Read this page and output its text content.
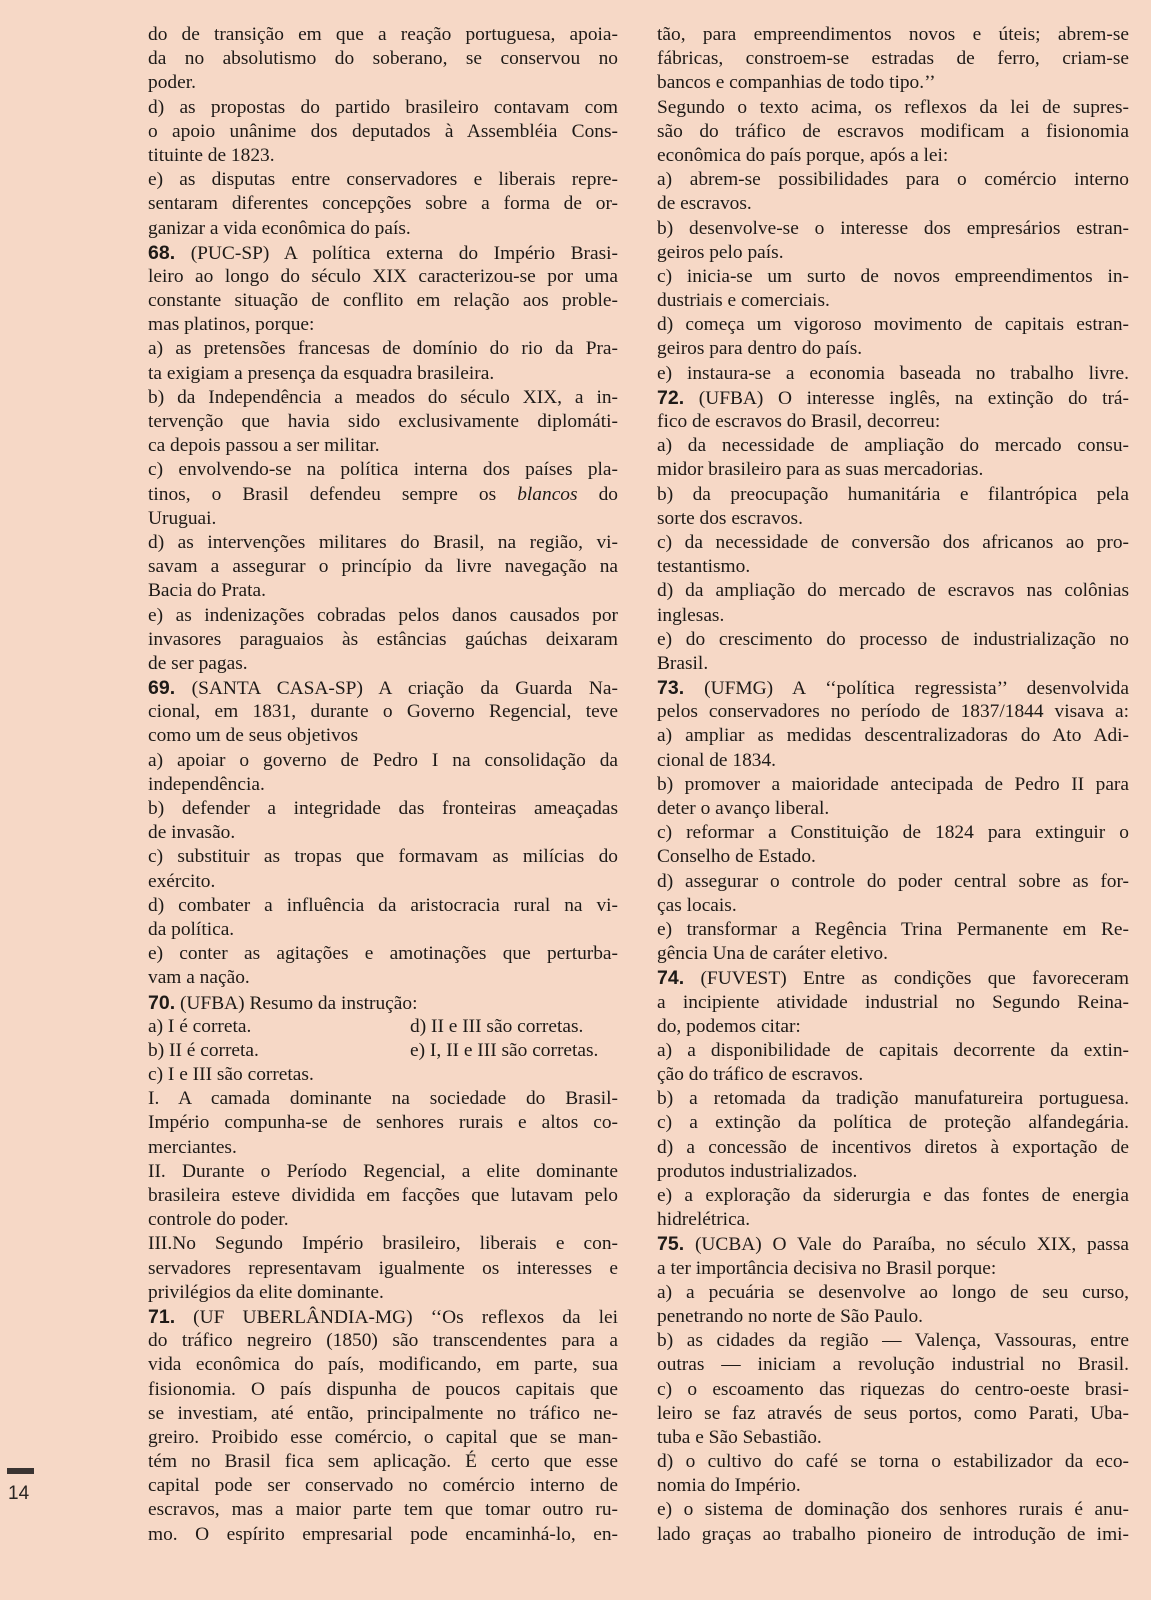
do de transição em que a reação portuguesa, apoia-
da no absolutismo do soberano, se conservou no
poder.
d) as propostas do partido brasileiro contavam com
o apoio unânime dos deputados à Assembléia Cons-
tituinte de 1823.
e) as disputas entre conservadores e liberais repre-
sentaram diferentes concepções sobre a forma de or-
ganizar a vida econômica do país.
68. (PUC-SP) A política externa do Império Brasi-
leiro ao longo do século XIX caracterizou-se por uma
constante situação de conflito em relação aos proble-
mas platinos, porque:
a) as pretensões francesas de domínio do rio da Pra-
ta exigiam a presença da esquadra brasileira.
b) da Independência a meados do século XIX, a in-
tervenção que havia sido exclusivamente diplomáti-
ca depois passou a ser militar.
c) envolvendo-se na política interna dos países pla-
tinos, o Brasil defendeu sempre os blancos do
Uruguai.
d) as intervenções militares do Brasil, na região, vi-
savam a assegurar o princípio da livre navegação na
Bacia do Prata.
e) as indenizações cobradas pelos danos causados por
invasores paraguaios às estâncias gaúchas deixaram
de ser pagas.
69. (SANTA CASA-SP) A criação da Guarda Na-
cional, em 1831, durante o Governo Regencial, teve
como um de seus objetivos
a) apoiar o governo de Pedro I na consolidação da
independência.
b) defender a integridade das fronteiras ameaçadas
de invasão.
c) substituir as tropas que formavam as milícias do
exército.
d) combater a influência da aristocracia rural na vi-
da política.
e) conter as agitações e amotinações que perturba-
vam a nação.
70. (UFBA) Resumo da instrução:
a) I é correta.	d) II e III são corretas.
b) II é correta.	e) I, II e III são corretas.
c) I e III são corretas.
I. A camada dominante na sociedade do Brasil-
Império compunha-se de senhores rurais e altos co-
merciantes.
II. Durante o Período Regencial, a elite dominante
brasileira esteve dividida em facções que lutavam pelo
controle do poder.
III.No Segundo Império brasileiro, liberais e con-
servadores representavam igualmente os interesses e
privilégios da elite dominante.
71. (UF UBERLÂNDIA-MG) ‘‘Os reflexos da lei
do tráfico negreiro (1850) são transcendentes para a
vida econômica do país, modificando, em parte, sua
fisionomia. O país dispunha de poucos capitais que
se investiam, até então, principalmente no tráfico ne-
greiro. Proibido esse comércio, o capital que se man-
tém no Brasil fica sem aplicação. É certo que esse
capital pode ser conservado no comércio interno de
escravos, mas a maior parte tem que tomar outro ru-
mo. O espírito empresarial pode encaminhá-lo, en-
tão, para empreendimentos novos e úteis; abrem-se
fábricas, constroem-se estradas de ferro, criam-se
bancos e companhias de todo tipo.’’
Segundo o texto acima, os reflexos da lei de supres-
são do tráfico de escravos modificam a fisionomia
econômica do país porque, após a lei:
a) abrem-se possibilidades para o comércio interno
de escravos.
b) desenvolve-se o interesse dos empresários estran-
geiros pelo país.
c) inicia-se um surto de novos empreendimentos in-
dustriais e comerciais.
d) começa um vigoroso movimento de capitais estran-
geiros para dentro do país.
e) instaura-se a economia baseada no trabalho livre.
72. (UFBA) O interesse inglês, na extinção do trá-
fico de escravos do Brasil, decorreu:
a) da necessidade de ampliação do mercado consu-
midor brasileiro para as suas mercadorias.
b) da preocupação humanitária e filantrópica pela
sorte dos escravos.
c) da necessidade de conversão dos africanos ao pro-
testantismo.
d) da ampliação do mercado de escravos nas colônias
inglesas.
e) do crescimento do processo de industrialização no
Brasil.
73. (UFMG) A ‘‘política regressista’’ desenvolvida
pelos conservadores no período de 1837/1844 visava a:
a) ampliar as medidas descentralizadoras do Ato Adi-
cional de 1834.
b) promover a maioridade antecipada de Pedro II para
deter o avanço liberal.
c) reformar a Constituição de 1824 para extinguir o
Conselho de Estado.
d) assegurar o controle do poder central sobre as for-
ças locais.
e) transformar a Regência Trina Permanente em Re-
gência Una de caráter eletivo.
74. (FUVEST) Entre as condições que favoreceram
a incipiente atividade industrial no Segundo Reina-
do, podemos citar:
a) a disponibilidade de capitais decorrente da extin-
ção do tráfico de escravos.
b) a retomada da tradição manufatureira portuguesa.
c) a extinção da política de proteção alfandegária.
d) a concessão de incentivos diretos à exportação de
produtos industrializados.
e) a exploração da siderurgia e das fontes de energia
hidrelétrica.
75. (UCBA) O Vale do Paraíba, no século XIX, passa
a ter importância decisiva no Brasil porque:
a) a pecuária se desenvolve ao longo de seu curso,
penetrando no norte de São Paulo.
b) as cidades da região — Valença, Vassouras, entre
outras — iniciam a revolução industrial no Brasil.
c) o escoamento das riquezas do centro-oeste brasi-
leiro se faz através de seus portos, como Parati, Uba-
tuba e São Sebastião.
d) o cultivo do café se torna o estabilizador da eco-
nomia do Império.
e) o sistema de dominação dos senhores rurais é anu-
lado graças ao trabalho pioneiro de introdução de imi-
14
